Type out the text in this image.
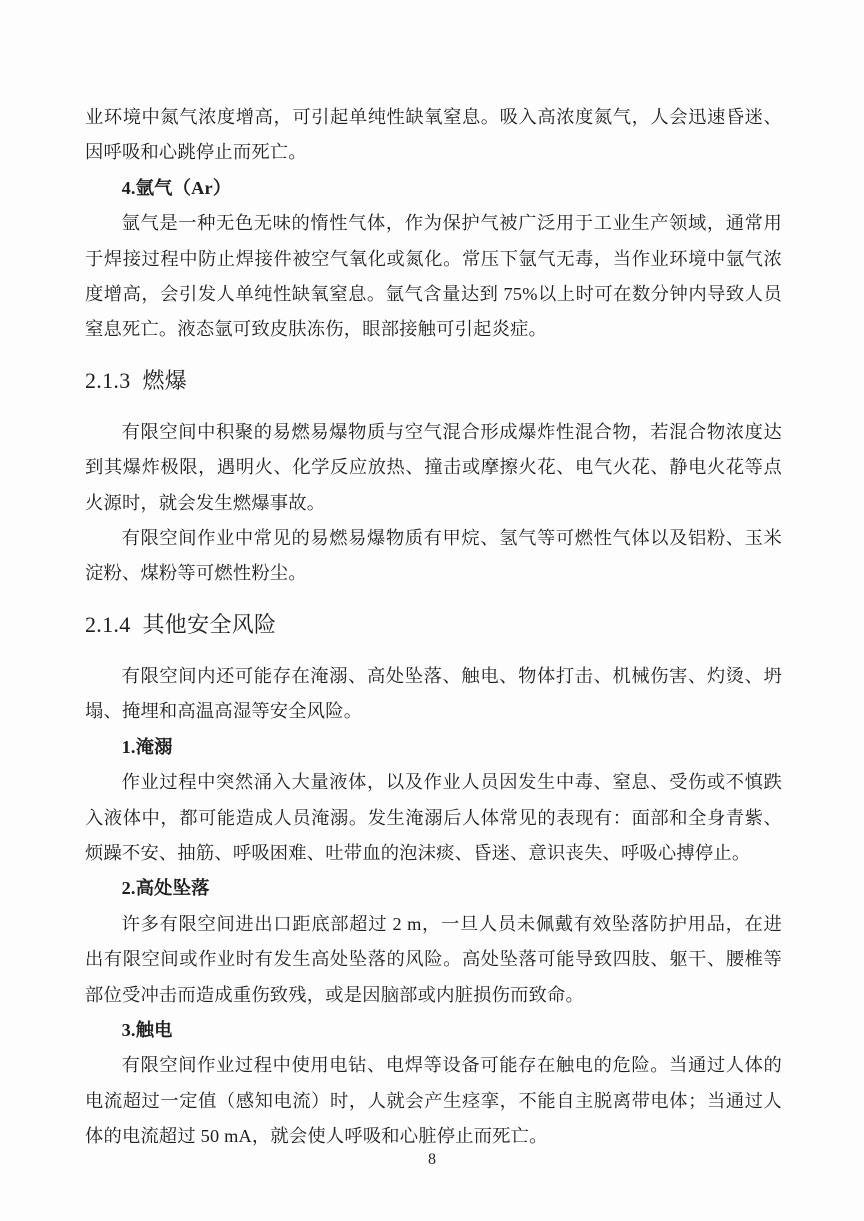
业环境中氮气浓度增高，可引起单纯性缺氧窒息。吸入高浓度氮气，人会迅速昏迷、因呼吸和心跳停止而死亡。

4.氩气（Ar）

氩气是一种无色无味的惰性气体，作为保护气被广泛用于工业生产领域，通常用于焊接过程中防止焊接件被空气氧化或氮化。常压下氩气无毒，当作业环境中氩气浓度增高，会引发人单纯性缺氧窒息。氩气含量达到 75%以上时可在数分钟内导致人员窒息死亡。液态氩可致皮肤冻伤，眼部接触可引起炎症。

2.1.3 燃爆

有限空间中积聚的易燃易爆物质与空气混合形成爆炸性混合物，若混合物浓度达到其爆炸极限，遇明火、化学反应放热、撞击或摩擦火花、电气火花、静电火花等点火源时，就会发生燃爆事故。

有限空间作业中常见的易燃易爆物质有甲烷、氢气等可燃性气体以及铝粉、玉米淀粉、煤粉等可燃性粉尘。

2.1.4 其他安全风险

有限空间内还可能存在淹溺、高处坠落、触电、物体打击、机械伤害、灼烫、坍塌、掩埋和高温高湿等安全风险。

1.淹溺

作业过程中突然涌入大量液体，以及作业人员因发生中毒、窒息、受伤或不慎跌入液体中，都可能造成人员淹溺。发生淹溺后人体常见的表现有：面部和全身青紫、烦躁不安、抽筋、呼吸困难、吐带血的泡沫痰、昏迷、意识丧失、呼吸心搏停止。

2.高处坠落

许多有限空间进出口距底部超过 2 m，一旦人员未佩戴有效坠落防护用品，在进出有限空间或作业时有发生高处坠落的风险。高处坠落可能导致四肢、躯干、腰椎等部位受冲击而造成重伤致残，或是因脑部或内脏损伤而致命。

3.触电

有限空间作业过程中使用电钻、电焊等设备可能存在触电的危险。当通过人体的电流超过一定值（感知电流）时，人就会产生痉挛，不能自主脱离带电体；当通过人体的电流超过 50 mA，就会使人呼吸和心脏停止而死亡。

8
